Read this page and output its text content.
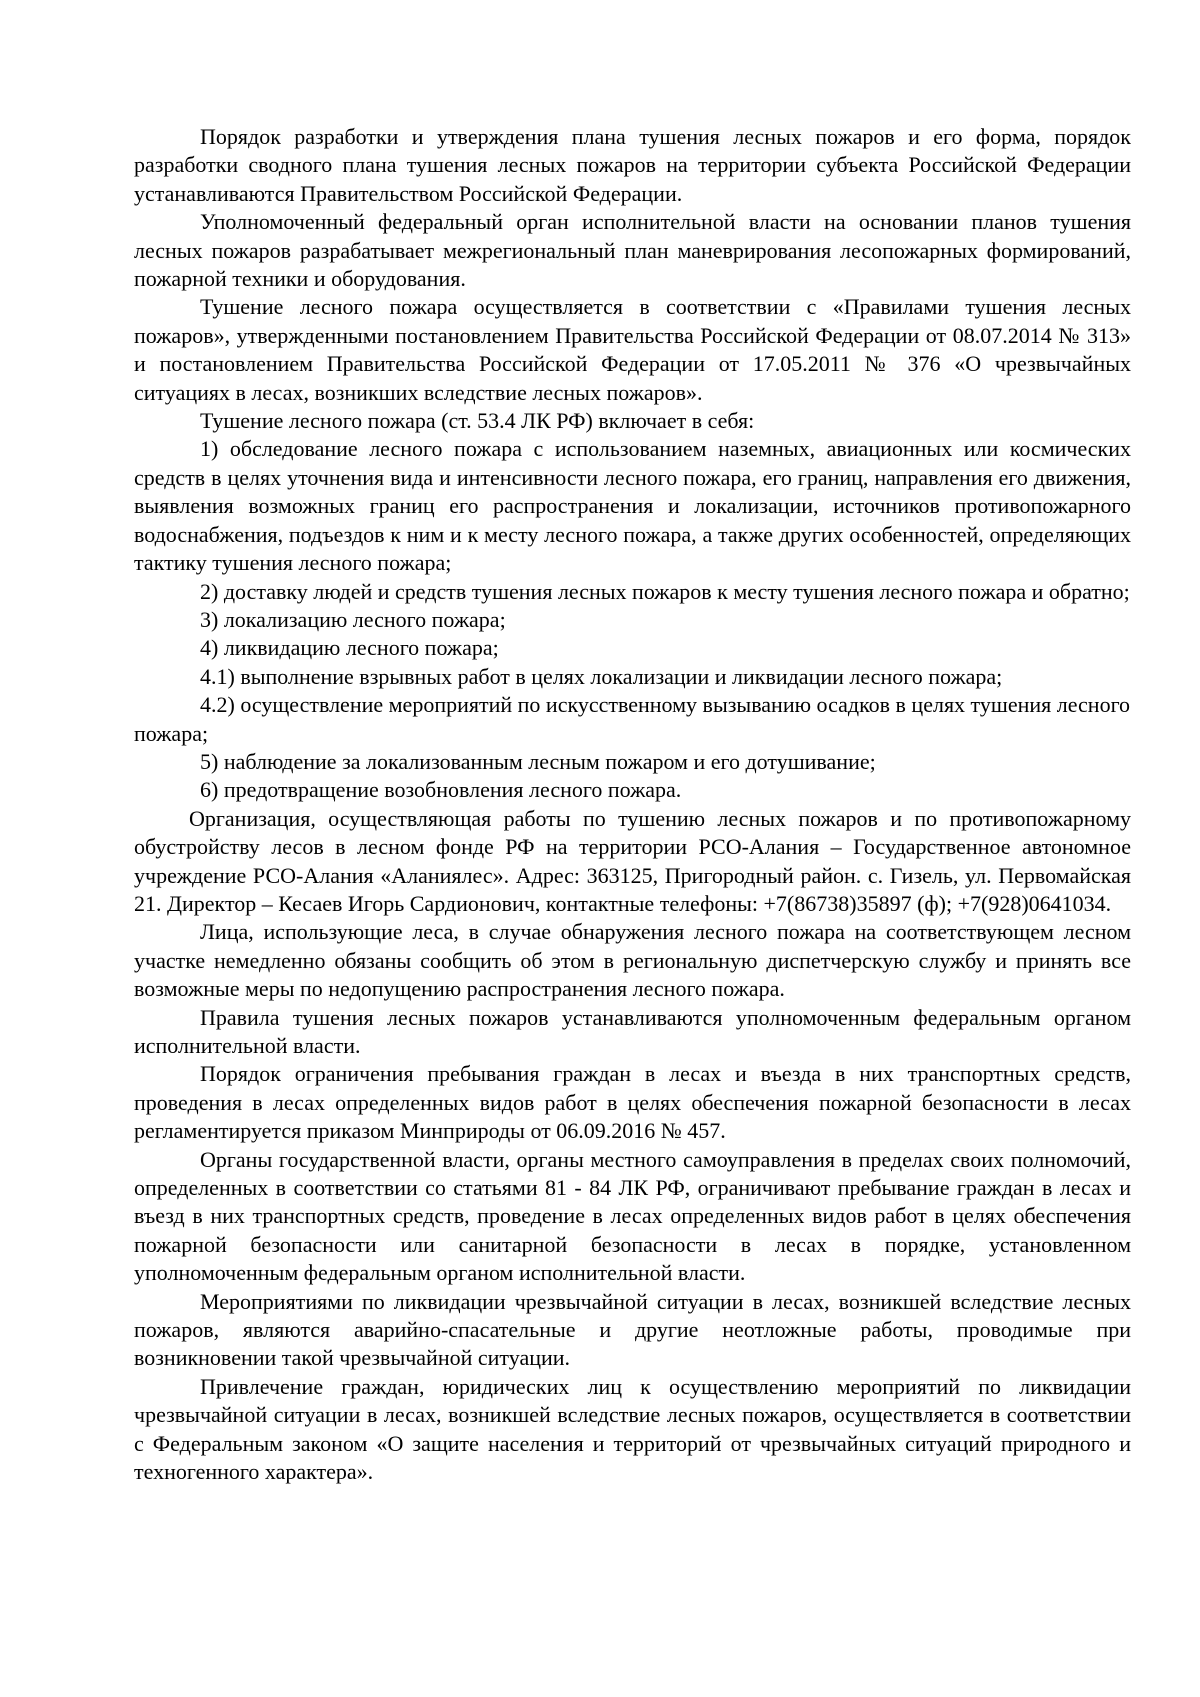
Порядок разработки и утверждения плана тушения лесных пожаров и его форма, порядок разработки сводного плана тушения лесных пожаров на территории субъекта Российской Федерации устанавливаются Правительством Российской Федерации.

Уполномоченный федеральный орган исполнительной власти на основании планов тушения лесных пожаров разрабатывает межрегиональный план маневрирования лесопожарных формирований, пожарной техники и оборудования.

Тушение лесного пожара осуществляется в соответствии с «Правилами тушения лесных пожаров», утвержденными постановлением Правительства Российской Федерации от 08.07.2014 № 313» и постановлением Правительства Российской Федерации от 17.05.2011 № 376 «О чрезвычайных ситуациях в лесах, возникших вследствие лесных пожаров».

Тушение лесного пожара (ст. 53.4 ЛК РФ) включает в себя:

1) обследование лесного пожара с использованием наземных, авиационных или космических средств в целях уточнения вида и интенсивности лесного пожара, его границ, направления его движения, выявления возможных границ его распространения и локализации, источников противопожарного водоснабжения, подъездов к ним и к месту лесного пожара, а также других особенностей, определяющих тактику тушения лесного пожара;

2) доставку людей и средств тушения лесных пожаров к месту тушения лесного пожара и обратно;

3) локализацию лесного пожара;

4) ликвидацию лесного пожара;

4.1) выполнение взрывных работ в целях локализации и ликвидации лесного пожара;

4.2) осуществление мероприятий по искусственному вызыванию осадков в целях тушения лесного пожара;

5) наблюдение за локализованным лесным пожаром и его дотушивание;

6) предотвращение возобновления лесного пожара.

Организация, осуществляющая работы по тушению лесных пожаров и по противопожарному обустройству лесов в лесном фонде РФ на территории РСО-Алания – Государственное автономное учреждение РСО-Алания «Аланиялес». Адрес: 363125, Пригородный район. с. Гизель, ул. Первомайская 21. Директор – Кесаев Игорь Сардионович, контактные телефоны: +7(86738)35897 (ф); +7(928)0641034.

Лица, использующие леса, в случае обнаружения лесного пожара на соответствующем лесном участке немедленно обязаны сообщить об этом в региональную диспетчерскую службу и принять все возможные меры по недопущению распространения лесного пожара.

Правила тушения лесных пожаров устанавливаются уполномоченным федеральным органом исполнительной власти.

Порядок ограничения пребывания граждан в лесах и въезда в них транспортных средств, проведения в лесах определенных видов работ в целях обеспечения пожарной безопасности в лесах регламентируется приказом Минприроды от 06.09.2016 № 457.

Органы государственной власти, органы местного самоуправления в пределах своих полномочий, определенных в соответствии со статьями 81 - 84 ЛК РФ, ограничивают пребывание граждан в лесах и въезд в них транспортных средств, проведение в лесах определенных видов работ в целях обеспечения пожарной безопасности или санитарной безопасности в лесах в порядке, установленном уполномоченным федеральным органом исполнительной власти.

Мероприятиями по ликвидации чрезвычайной ситуации в лесах, возникшей вследствие лесных пожаров, являются аварийно-спасательные и другие неотложные работы, проводимые при возникновении такой чрезвычайной ситуации.

Привлечение граждан, юридических лиц к осуществлению мероприятий по ликвидации чрезвычайной ситуации в лесах, возникшей вследствие лесных пожаров, осуществляется в соответствии с Федеральным законом «О защите населения и территорий от чрезвычайных ситуаций природного и техногенного характера».
